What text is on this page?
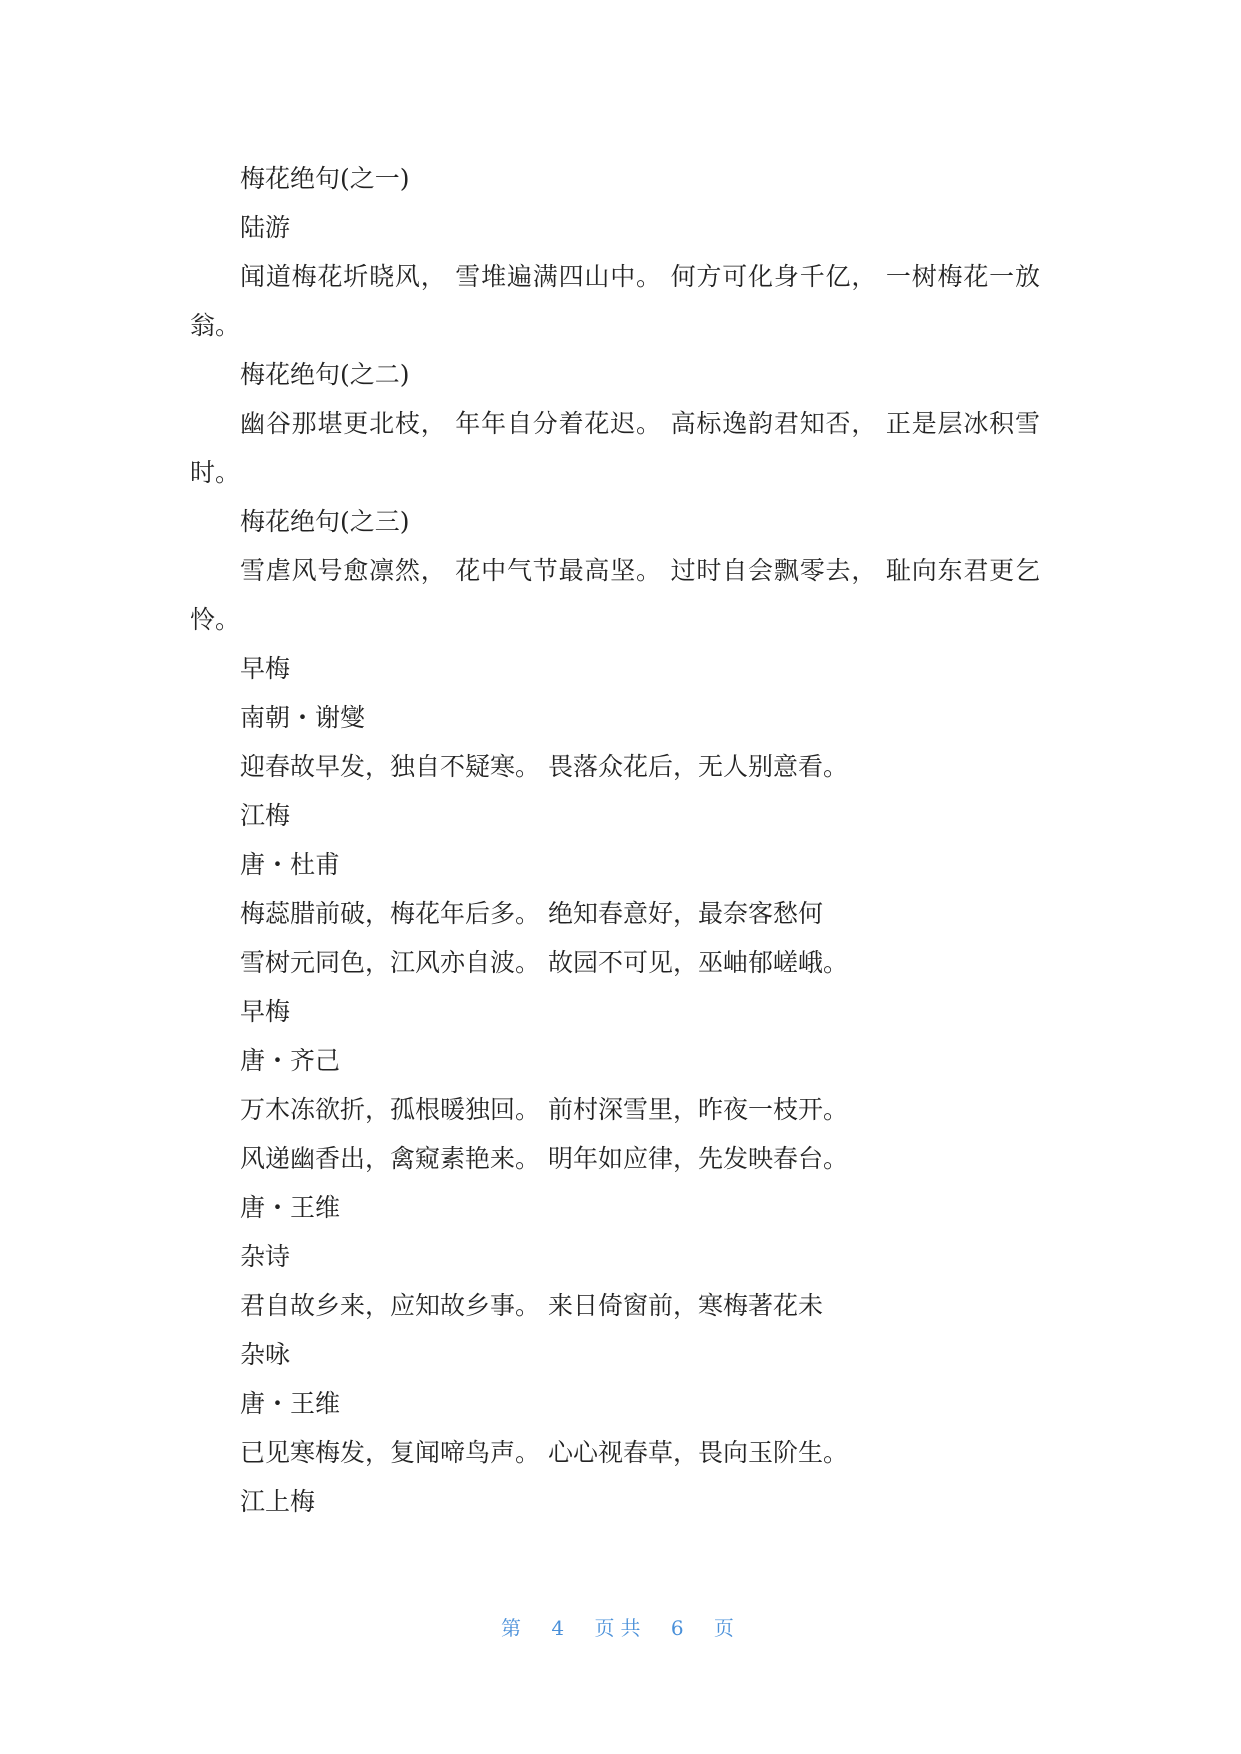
梅花绝句(之一)
陆游
闻道梅花圻晓风， 雪堆遍满四山中。 何方可化身千亿， 一树梅花一放翁。
梅花绝句(之二)
幽谷那堪更北枝， 年年自分着花迟。 高标逸韵君知否， 正是层冰积雪时。
梅花绝句(之三)
雪虐风号愈凛然， 花中气节最高坚。 过时自会飘零去， 耻向东君更乞怜。
早梅
南朝・谢燮
迎春故早发，独自不疑寒。 畏落众花后，无人别意看。
江梅
唐・杜甫
梅蕊腊前破，梅花年后多。 绝知春意好，最奈客愁何
雪树元同色，江风亦自波。 故园不可见，巫岫郁嵯峨。
早梅
唐・齐己
万木冻欲折，孤根暖独回。 前村深雪里，昨夜一枝开。
风递幽香出，禽窥素艳来。 明年如应律，先发映春台。
唐・王维
杂诗
君自故乡来，应知故乡事。 来日倚窗前，寒梅著花未
杂咏
唐・王维
已见寒梅发，复闻啼鸟声。 心心视春草，畏向玉阶生。
江上梅
第 4 页共 6 页
